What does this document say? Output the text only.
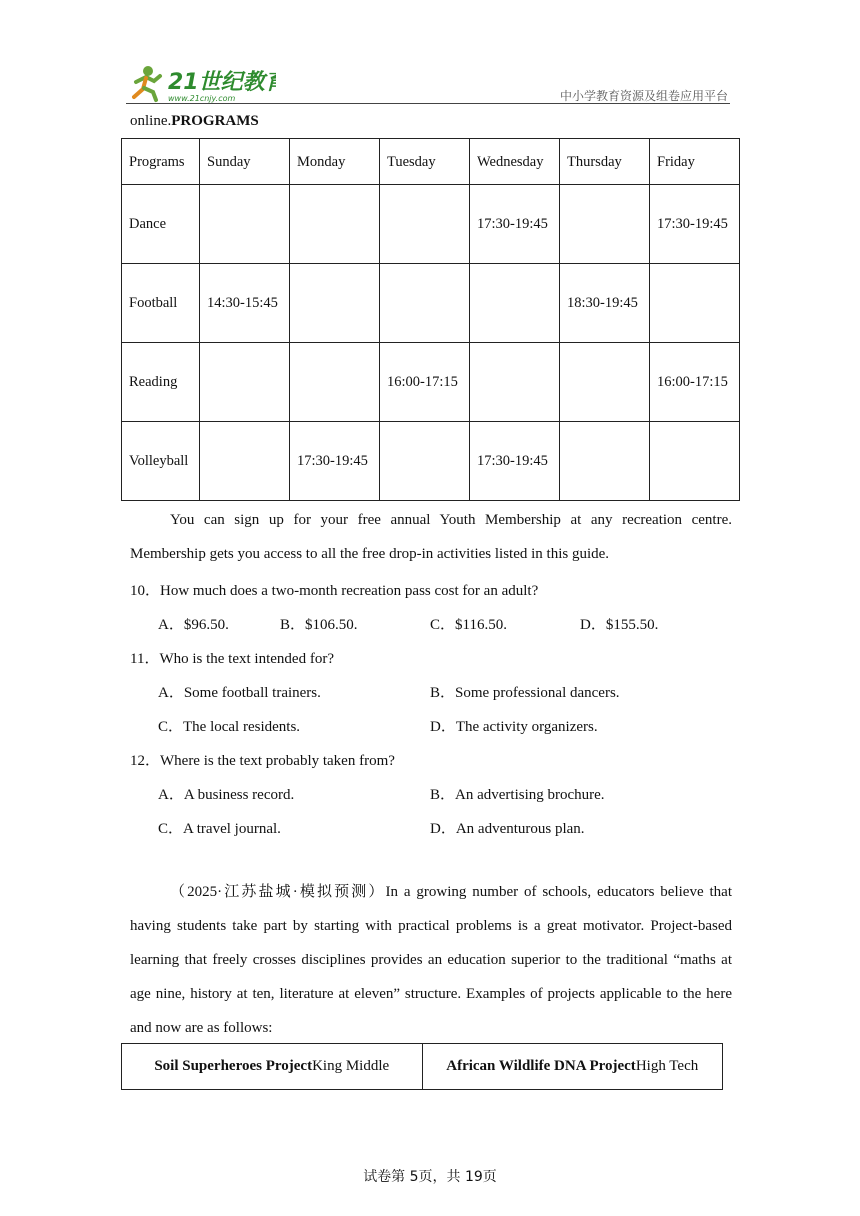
21世纪教育
www.21cnjy.com	中小学教育资源及组卷应用平台
online.PROGRAMS
Programs	Sunday	Monday	Tuesday	Wednesday	Thursday	Friday
Dance				17:30-19:45		17:30-19:45
Football	14:30-15:45				18:30-19:45	
Reading			16:00-17:15			16:00-17:15
Volleyball		17:30-19:45		17:30-19:45		
You can sign up for your free annual Youth Membership at any recreation centre. Membership gets you access to all the free drop-in activities listed in this guide.
10．How much does a two-month recreation pass cost for an adult?
A．$96.50.	B．$106.50.	C．$116.50.	D．$155.50.
11．Who is the text intended for?
A．Some football trainers.	B．Some professional dancers.
C．The local residents.	D．The activity organizers.
12．Where is the text probably taken from?
A．A business record.	B．An advertising brochure.
C．A travel journal.	D．An adventurous plan.
（2025·江苏盐城·模拟预测）In a growing number of schools, educators believe that having students take part by starting with practical problems is a great motivator. Project-based learning that freely crosses disciplines provides an education superior to the traditional “maths at age nine, history at ten, literature at eleven” structure. Examples of projects applicable to the here and now are as follows:
Soil Superheroes ProjectKing Middle	African Wildlife DNA ProjectHigh Tech
试卷第 5页，共 19页
